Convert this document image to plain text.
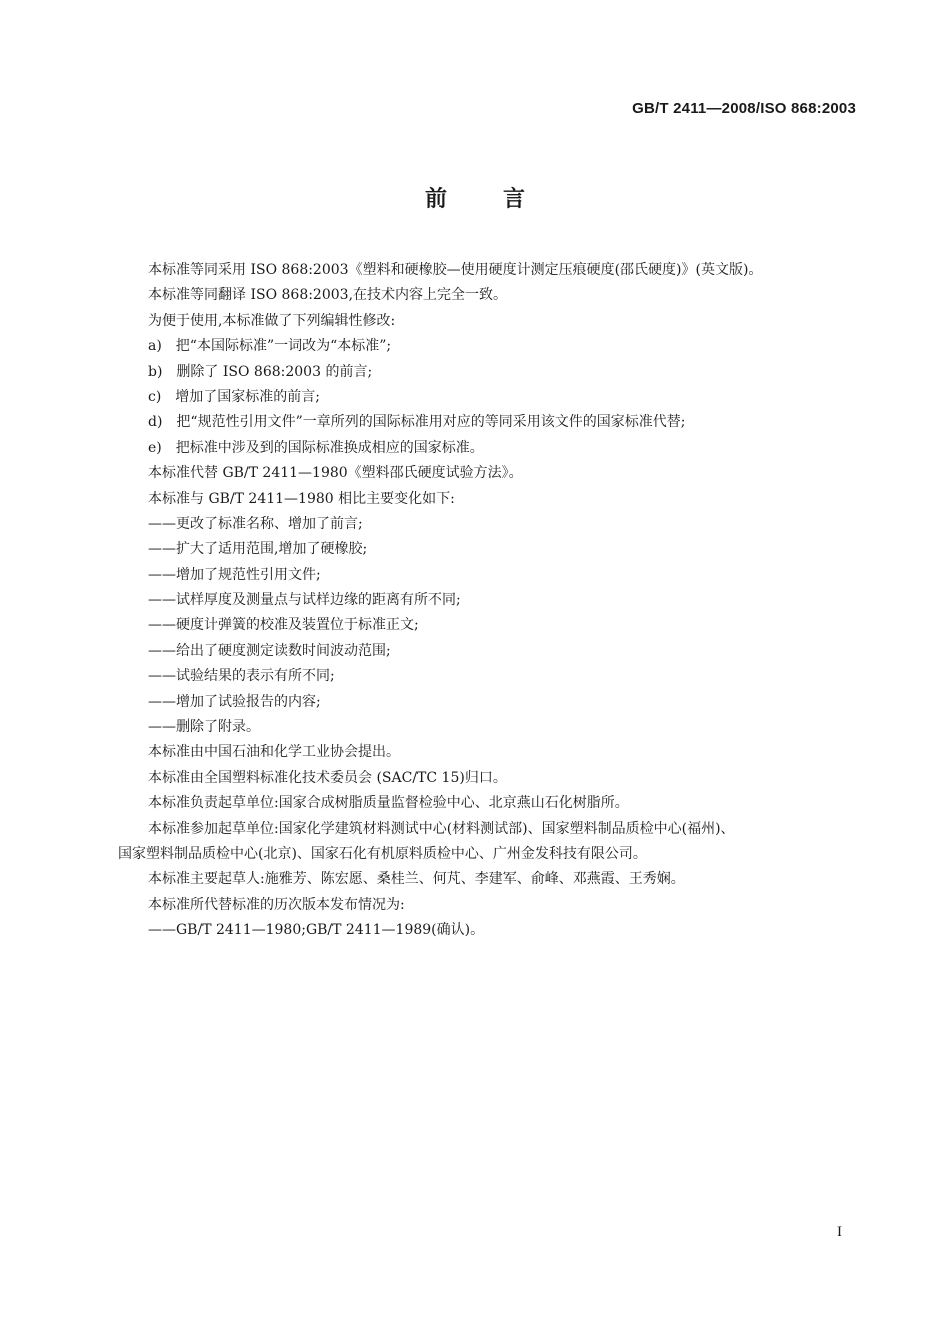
GB/T 2411—2008/ISO 868:2003
前言
本标准等同采用 ISO 868:2003《塑料和硬橡胶—使用硬度计测定压痕硬度(邵氏硬度)》(英文版)。
本标准等同翻译 ISO 868:2003,在技术内容上完全一致。
为便于使用,本标准做了下列编辑性修改:
a)　把“本国际标准”一词改为“本标准”;
b)　删除了 ISO 868:2003 的前言;
c)　增加了国家标准的前言;
d)　把“规范性引用文件”一章所列的国际标准用对应的等同采用该文件的国家标准代替;
e)　把标准中涉及到的国际标准换成相应的国家标准。
本标准代替 GB/T 2411—1980《塑料邵氏硬度试验方法》。
本标准与 GB/T 2411—1980 相比主要变化如下:
——更改了标准名称、增加了前言;
——扩大了适用范围,增加了硬橡胶;
——增加了规范性引用文件;
——试样厚度及测量点与试样边缘的距离有所不同;
——硬度计弹簧的校准及装置位于标准正文;
——给出了硬度测定读数时间波动范围;
——试验结果的表示有所不同;
——增加了试验报告的内容;
——删除了附录。
本标准由中国石油和化学工业协会提出。
本标准由全国塑料标准化技术委员会 (SAC/TC 15)归口。
本标准负责起草单位:国家合成树脂质量监督检验中心、北京燕山石化树脂所。
本标准参加起草单位:国家化学建筑材料测试中心(材料测试部)、国家塑料制品质检中心(福州)、
国家塑料制品质检中心(北京)、国家石化有机原料质检中心、广州金发科技有限公司。
本标准主要起草人:施雅芳、陈宏愿、桑桂兰、何芃、李建军、俞峰、邓燕霞、王秀娴。
本标准所代替标准的历次版本发布情况为:
——GB/T 2411—1980;GB/T 2411—1989(确认)。
I
